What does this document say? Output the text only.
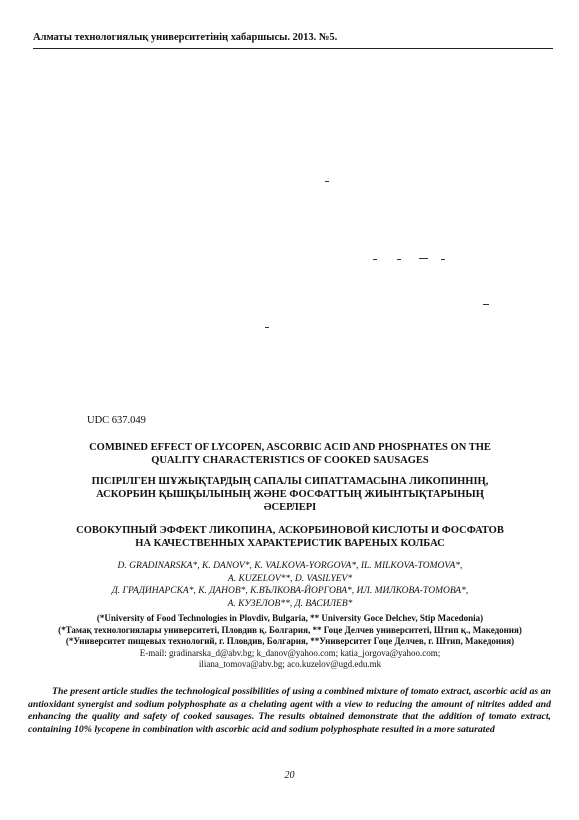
Алматы технологиялық университетінің хабаршысы. 2013. №5.
UDC 637.049
COMBINED EFFECT OF LYCOPEN, ASCORBIC ACID AND PHOSPHATES ON THE
QUALITY CHARACTERISTICS OF COOKED SAUSAGES
ПІСІРІЛГЕН ШҰЖЫҚТАРДЫҢ САПАЛЫ СИПАТТАМАСЫНА ЛИКОПИННІҢ,
АСКОРБИН ҚЫШҚЫЛЫНЫҢ ЖӘНЕ ФОСФАТТЫҢ ЖИЫНТЫҚТАРЫНЫҢ
ӘСЕРЛЕРІ
СОВОКУПНЫЙ ЭФФЕКТ ЛИКОПИНА, АСКОРБИНОВОЙ КИСЛОТЫ И ФОСФАТОВ
НА КАЧЕСТВЕННЫХ ХАРАКТЕРИСТИК ВАРЕНЫХ КОЛБАС
D. GRADINARSKA*, K. DANOV*, K. VALKOVA-YORGOVA*, IL. MILKOVA-TOMOVA*,
A. KUZELOV**, D. VASILYEV*
Д. ГРАДИНАРСКА*, К. ДАНОВ*, К.ВЪЛКОВА-ЙОРГОВА*, ИЛ. МИЛКОВА-ТОМОВА*,
А. КУЗЕЛОВ**, Д. ВАСИЛЕВ*
(*University of Food Technologies in Plovdiv, Bulgaria, ** University Goce Delchev, Stip Macedonia)
(*Тамақ технологиялары университеті, Пловдив қ. Болгария, ** Гоце Делчев университеті, Штип қ., Македония)
(*Университет пищевых технологий, г. Пловдив, Болгария, **Университет Гоце Делчев, г. Штип, Македония)
E-mail: gradinarska_d@abv.bg; k_danov@yahoo.com; katia_jorgova@yahoo.com;
iliana_tomova@abv.bg; aco.kuzelov@ugd.edu.mk
The present article studies the technological possibilities of using a combined mixture of tomato extract, ascorbic acid as an antioxidant synergist and sodium polyphosphate as a chelating agent with a view to reducing the amount of nitrites added and enhancing the quality and safety of cooked sausages. The results obtained demonstrate that the addition of tomato extract, containing 10% lycopene in combination with ascorbic acid and sodium polyphosphate resulted in a more saturated
20
